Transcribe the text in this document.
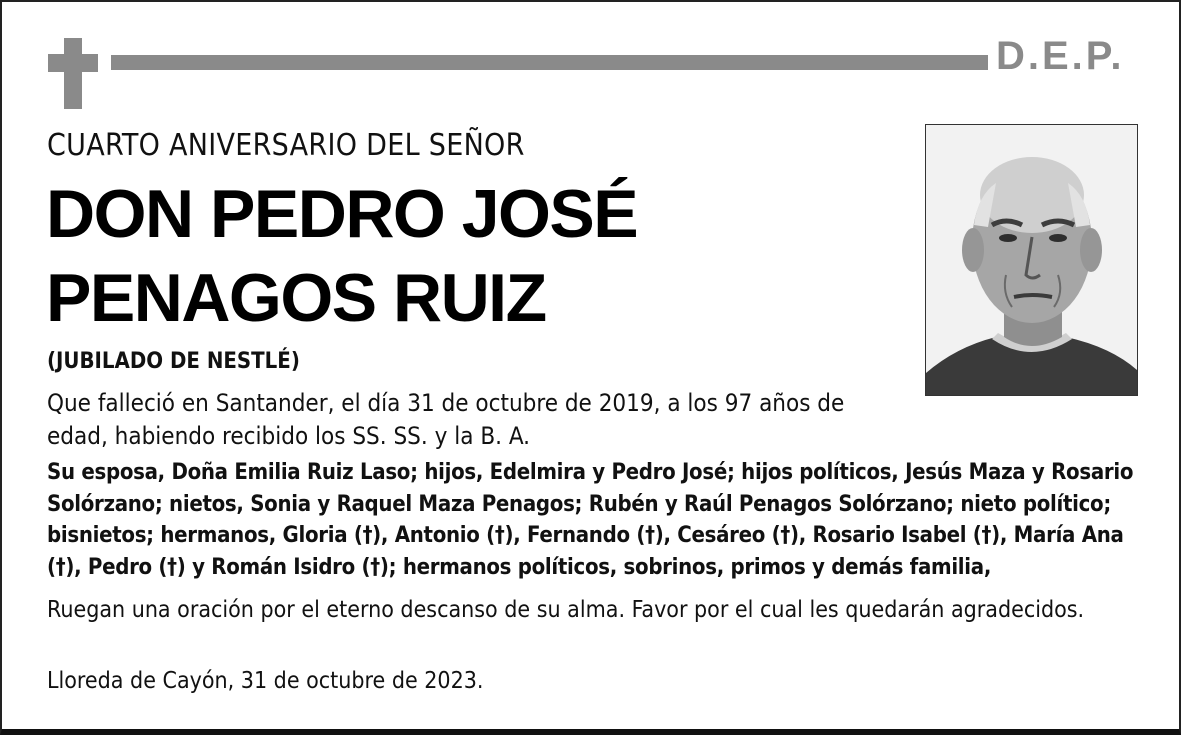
D.E.P.
CUARTO ANIVERSARIO DEL SEÑOR
DON PEDRO JOSÉ
PENAGOS RUIZ
(JUBILADO DE NESTLÉ)
Que falleció en Santander, el día 31 de octubre de 2019, a los 97 años de edad, habiendo recibido los SS. SS. y la B. A.
Su esposa, Doña Emilia Ruiz Laso; hijos, Edelmira y Pedro José; hijos políticos, Jesús Maza y Rosario Solórzano; nietos, Sonia y Raquel Maza Penagos; Rubén y Raúl Penagos Solórzano; nieto político; bisnietos; hermanos, Gloria (†), Antonio (†), Fernando (†), Cesáreo (†), Rosario Isabel (†), María Ana (†), Pedro (†) y Román Isidro (†); hermanos políticos, sobrinos, primos y demás familia,
Ruegan una oración por el eterno descanso de su alma. Favor por el cual les quedarán agradecidos.
Lloreda de Cayón, 31 de octubre de 2023.
